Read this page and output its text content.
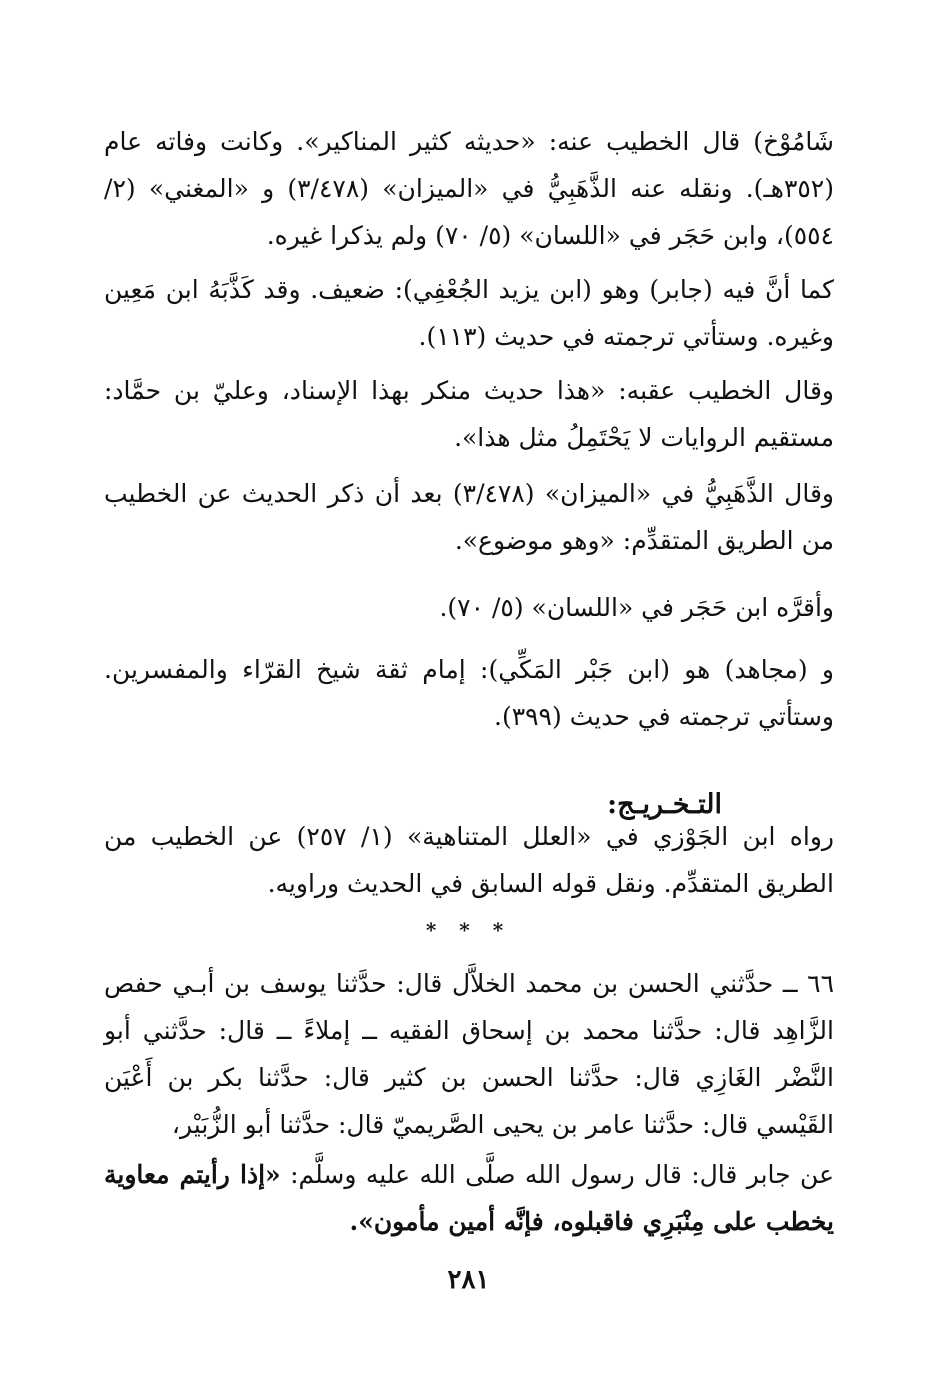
شَامُوْخ) قال الخطيب عنه: «حديثه كثير المناكير». وكانت وفاته عام (٣٥٢هـ). ونقله عنه الذَّهَبِيُّ في «الميزان» (٣/٤٧٨) و «المغني» (٢/ ٥٥٤)، وابن حَجَر في «اللسان» (٥/ ٧٠) ولم يذكرا غيره.
كما أنَّ فيه (جابر) وهو (ابن يزيد الجُعْفِي): ضعيف. وقد كَذَّبَهُ ابن مَعِين وغيره. وستأتي ترجمته في حديث (١١٣).
وقال الخطيب عقبه: «هذا حديث منكر بهذا الإسناد، وعليّ بن حمَّاد: مستقيم الروايات لا يَحْتَمِلُ مثل هذا».
وقال الذَّهَبِيُّ في «الميزان» (٣/٤٧٨) بعد أن ذكر الحديث عن الخطيب من الطريق المتقدِّم: «وهو موضوع».
وأقرَّه ابن حَجَر في «اللسان» (٥/ ٧٠).
و (مجاهد) هو (ابن جَبْر المَكِّي): إمام ثقة شيخ القرّاء والمفسرين. وستأتي ترجمته في حديث (٣٩٩).
التـخـريـج:
رواه ابن الجَوْزي في «العلل المتناهية» (١/ ٢٥٧) عن الخطيب من الطريق المتقدِّم. ونقل قوله السابق في الحديث وراويه.
* * *
٦٦ ــ حدَّثني الحسن بن محمد الخلاَّل قال: حدَّثنا يوسف بن أبـي حفص الزَّاهِد قال: حدَّثنا محمد بن إسحاق الفقيه ــ إملاءً ــ قال: حدَّثني أبو النَّضْر الغَازِي قال: حدَّثنا الحسن بن كثير قال: حدَّثنا بكر بن أَعْيَن القَيْسي قال: حدَّثنا عامر بن يحيى الصَّريميّ قال: حدَّثنا أبو الزُّبَيْر،
عن جابر قال: قال رسول الله صلَّى الله عليه وسلَّم: «إذا رأيتم معاوية يخطب على مِنْبَرِي فاقبلوه، فإنَّه أمين مأمون».
٢٨١
